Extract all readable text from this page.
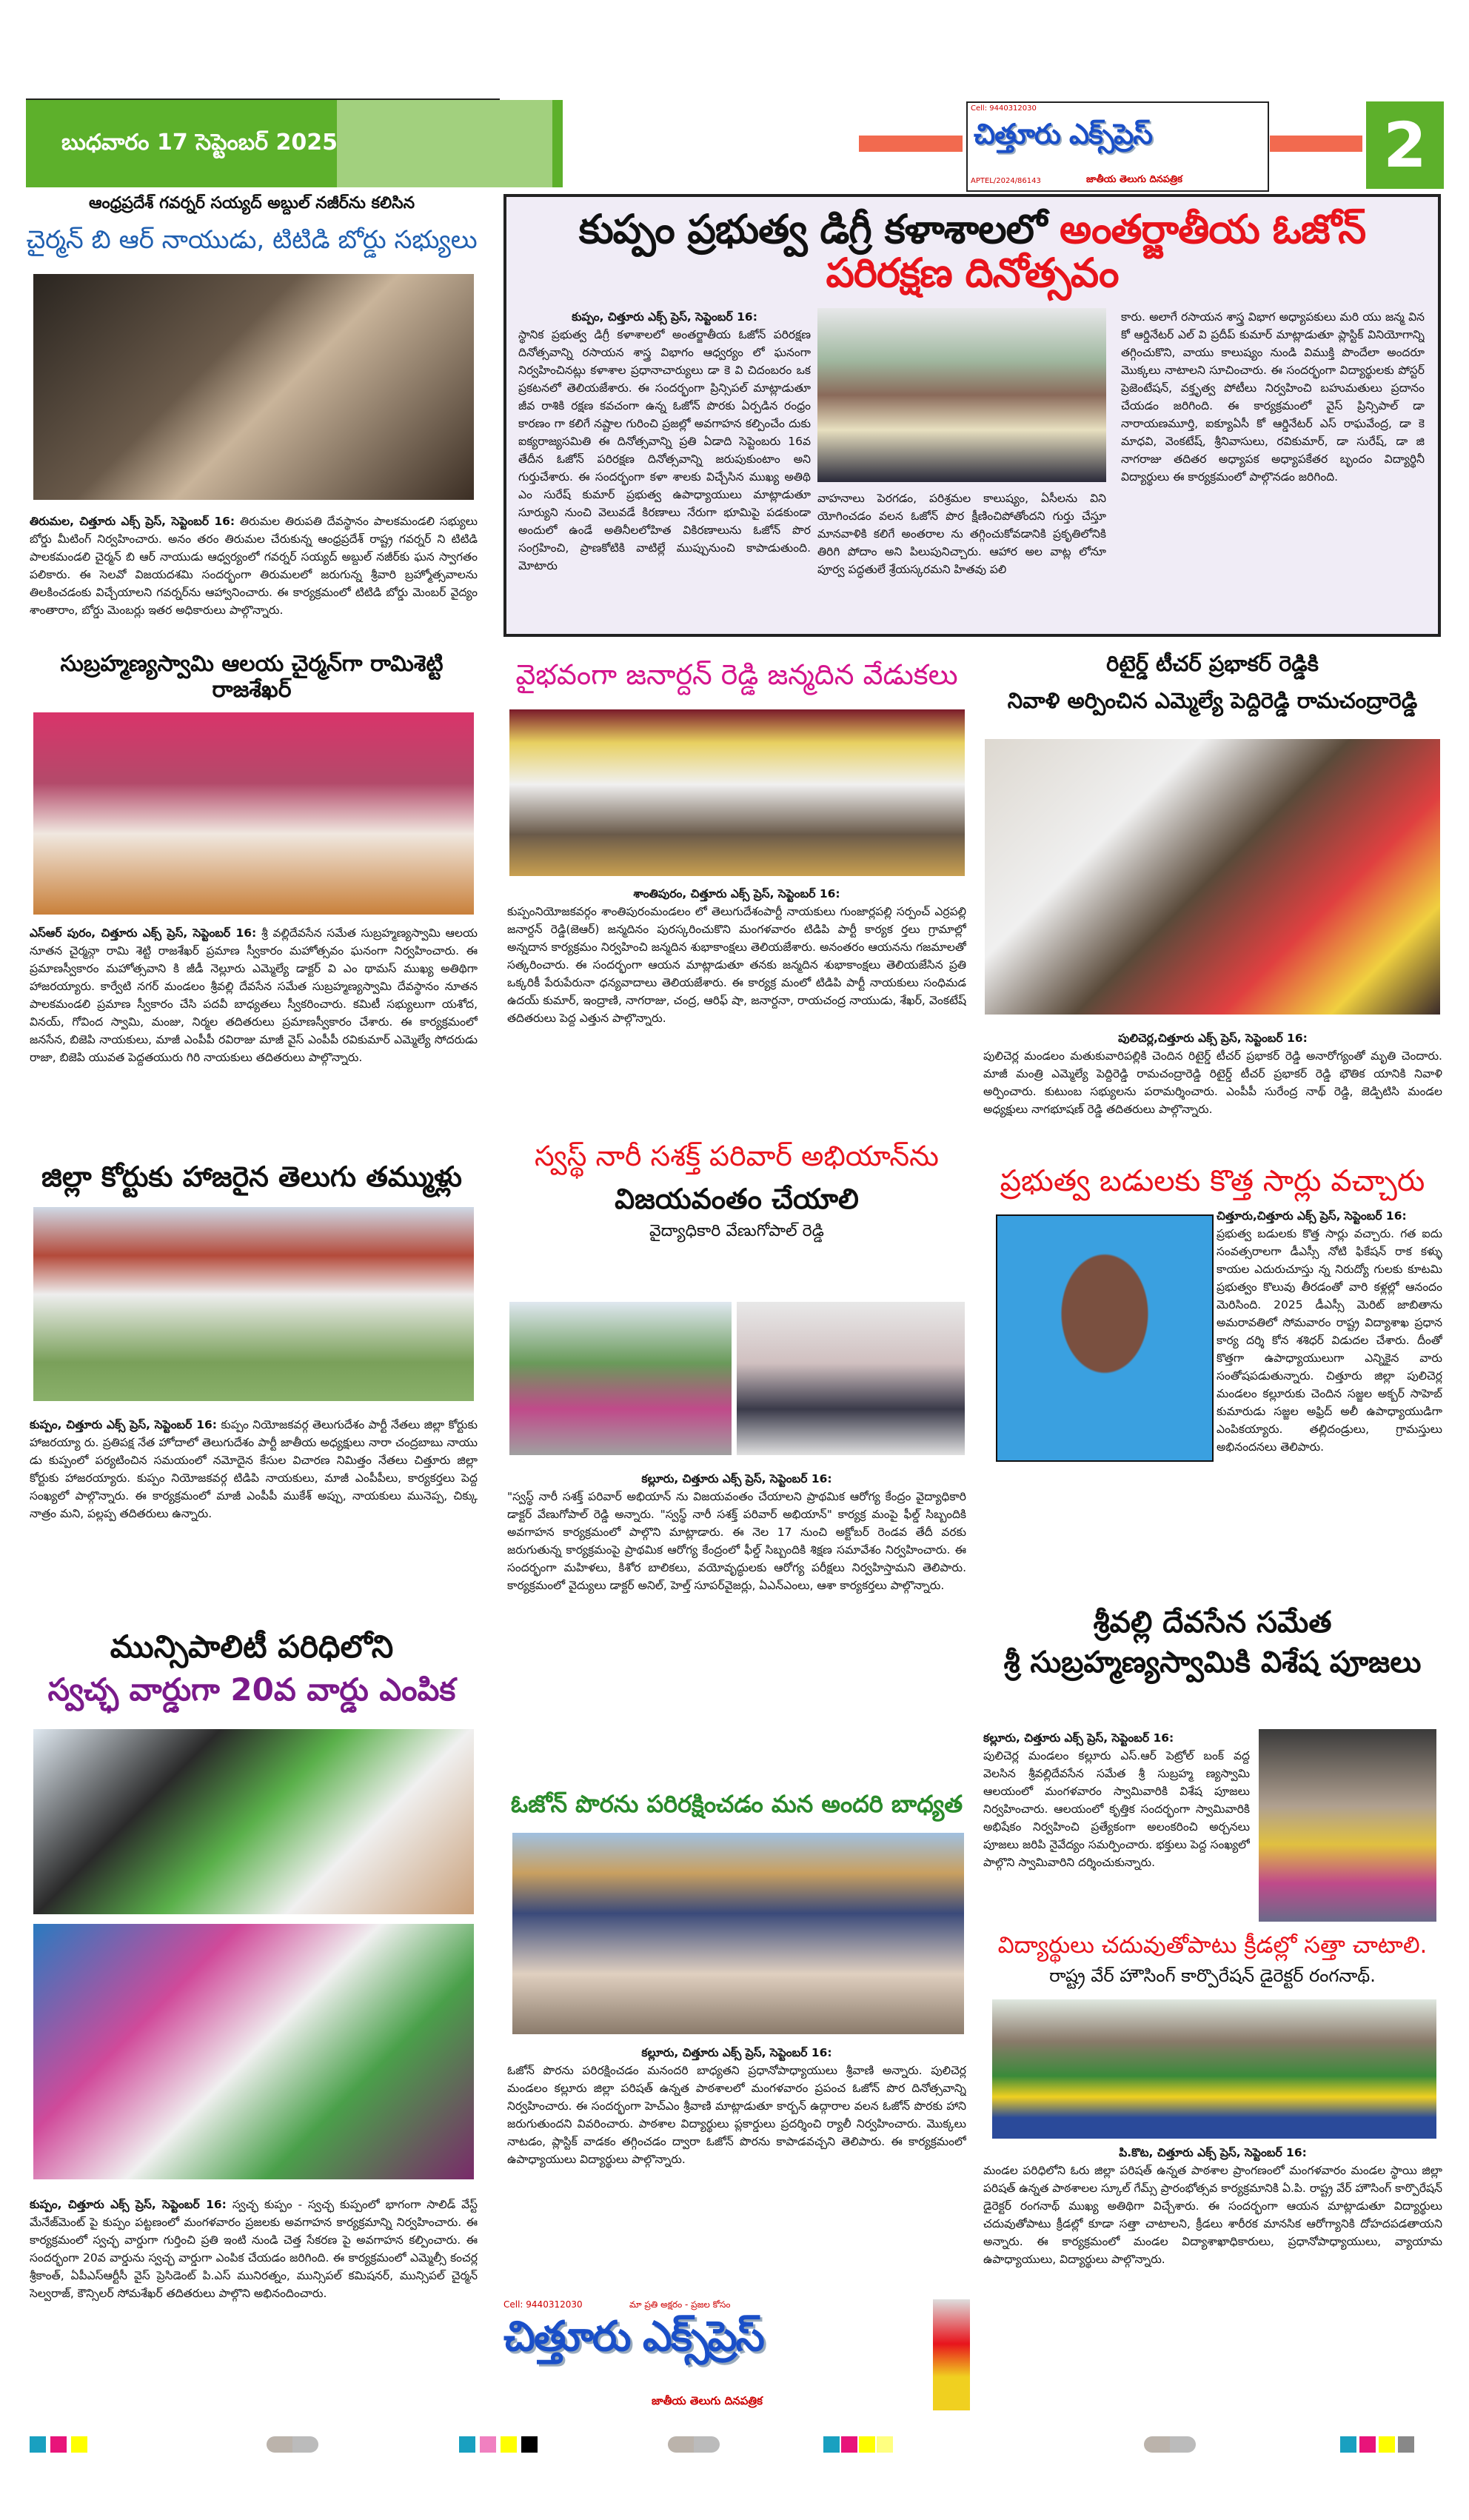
బుధవారం 17 సెప్టెంబర్ 2025
Cell: 9440312030
చిత్తూరు ఎక్స్‌ప్రెస్
APTEL/2024/86143	జాతీయ తెలుగు దినపత్రిక	2
ఆంధ్రప్రదేశ్ గవర్నర్ సయ్యద్ అబ్దుల్ నజీర్‌ను కలిసిన
చైర్మన్ బి ఆర్ నాయుడు, టిటిడి బోర్డు సభ్యులు
తిరుమల, చిత్తూరు ఎక్స్ ప్రెస్, సెప్టెంబర్ 16: తిరుమల తిరుపతి దేవస్థానం పాలకమండలి సభ్యులు బోర్డు మీటింగ్ నిర్వహించారు. అనం తరం తిరుమల చేరుకున్న ఆంధ్రప్రదేశ్ రాష్ట్ర గవర్నర్ ని టిటిడి పాలకమండలి చైర్మన్ బి ఆర్ నాయుడు ఆధ్వర్యంలో గవర్నర్ సయ్యద్ అబ్దుల్ నజీర్‌కు ఘన స్వాగతం పలికారు. ఈ సెలవో విజయదశమి సందర్భంగా తిరుమలలో జరుగున్న శ్రీవారి బ్రహ్మోత్సవాలను తిలకించడంకు విచ్చేయాలని గవర్నర్‌ను ఆహ్వానించారు. ఈ కార్యక్రమంలో టిటిడి బోర్డు మెంబర్ వైద్యం శాంతారాం, బోర్డు మెంబర్లు ఇతర అధికారులు పాల్గొన్నారు.
సుబ్రహ్మణ్యస్వామి ఆలయ చైర్మన్‌గా రామిశెట్టి రాజశేఖర్
ఎస్ఆర్ పురం, చిత్తూరు ఎక్స్ ప్రెస్, సెప్టెంబర్ 16: శ్రీ వల్లిదేవసేన సమేత సుబ్రహ్మణ్యస్వామి ఆలయ నూతన చైర్మన్గా రామి శెట్టి రాజశేఖర్ ప్రమాణ స్వీకారం మహోత్సవం ఘనంగా నిర్వహించారు. ఈ ప్రమాణస్వీకారం మహోత్సవాని కి జీడీ నెల్లూరు ఎమ్మెల్యే డాక్టర్ వి ఎం థామస్ ముఖ్య అతిథిగా హాజరయ్యారు. కార్వేటి నగర్ మండలం శ్రీవల్లి దేవసేన సమేత సుబ్రహ్మణ్యస్వామి దేవస్థానం నూతన పాలకమండలి ప్రమాణ స్వీకారం చేసి పదవీ బాధ్యతలు స్వీకరించారు. కమిటీ సభ్యులుగా యశోద, వినయ్, గోవింద స్వామి, మంజు, నిర్మల తదితరులు ప్రమాణస్వీకారం చేశారు. ఈ కార్యక్రమంలో జనసేన, బిజెపి నాయకులు, మాజీ ఎంపీపీ రవిరాజు మాజీ వైస్ ఎంపీపీ రవికుమార్ ఎమ్మెల్యే సోదరుడు రాజా, బిజెపి యువత పెద్దతయురు గిరి నాయకులు తదితరులు పాల్గొన్నారు.
జిల్లా కోర్టుకు హాజరైన తెలుగు తమ్ముళ్లు
కుప్పం, చిత్తూరు ఎక్స్ ప్రెస్, సెప్టెంబర్ 16: కుప్పం నియోజకవర్గ తెలుగుదేశం పార్టీ నేతలు జిల్లా కోర్టుకు హాజరయ్యా రు. ప్రతిపక్ష నేత హోదాలో తెలుగుదేశం పార్టీ జాతీయ అధ్యక్షులు నారా చంద్రబాబు నాయు డు కుప్పంలో పర్యటించిన సమయంలో నమోదైన కేసుల విచారణ నిమిత్తం నేతలు చిత్తూరు జిల్లా కోర్టుకు హాజరయ్యారు. కుప్పం నియోజకవర్గ టిడిపి నాయకులు, మాజీ ఎంపీపీలు, కార్యకర్తలు పెద్ద సంఖ్యలో పాల్గొన్నారు. ఈ కార్యక్రమంలో మాజీ ఎంపీపీ ముకేశ్ అప్పు, నాయకులు మునెప్ప, చిక్కు నాత్రం మని, పల్లప్ప తదితరులు ఉన్నారు.
మున్సిపాలిటీ పరిధిలోని
స్వచ్ఛ వార్డుగా 20వ వార్డు ఎంపిక
కుప్పం, చిత్తూరు ఎక్స్ ప్రెస్, సెప్టెంబర్ 16: స్వచ్ఛ కుప్పం - స్వచ్ఛ కుప్పంలో భాగంగా సాలిడ్ వేస్ట్ మేనేజ్‌మెంట్ పై కుప్పం పట్టణంలో మంగళవారం ప్రజలకు అవగాహన కార్యక్రమాన్ని నిర్వహించారు. ఈ కార్యక్రమంలో స్వచ్ఛ వార్డుగా గుర్తించి ప్రతి ఇంటి నుండి చెత్త సేకరణ పై అవగాహన కల్పించారు. ఈ సందర్భంగా 20వ వార్డును స్వచ్ఛ వార్డుగా ఎంపిక చేయడం జరిగింది. ఈ కార్యక్రమంలో ఎమ్మెల్సీ కంచర్ల శ్రీకాంత్, ఏపీఎస్ఆర్టీసీ వైస్ ప్రెసిడెంట్ పి.ఎస్ మునిరత్నం, మున్సిపల్ కమిషనర్, మున్సిపల్ చైర్మన్ సెల్వరాజ్, కౌన్సిలర్ సోమశేఖర్ తదితరులు పాల్గొని అభినందించారు.
కుప్పం ప్రభుత్వ డిగ్రీ కళాశాలలో అంతర్జాతీయ ఓజోన్ పరిరక్షణ దినోత్సవం
కుప్పం, చిత్తూరు ఎక్స్ ప్రెస్, సెప్టెంబర్ 16:
స్థానిక ప్రభుత్వ డిగ్రీ కళాశాలలో అంతర్జాతీయ ఓజోన్ పరిరక్షణ దినోత్సవాన్ని రసాయన శాస్త్ర విభాగం ఆధ్వర్యం లో ఘనంగా నిర్వహించినట్లు కళాశాల ప్రధానాచార్యులు డా కె వి చిదంబరం ఒక ప్రకటనలో తెలియజేశారు. ఈ సందర్భంగా ప్రిన్సిపల్ మాట్లాడుతూ జీవ రాశికి రక్షణ కవచంగా ఉన్న ఓజోన్ పొరకు ఏర్పడిన రంధ్రం కారణం గా కలిగే నష్టాల గురించి ప్రజల్లో అవగాహన కల్పించేం దుకు ఐక్యరాజ్యసమితి ఈ దినోత్సవాన్ని ప్రతి ఏడాది సెప్టెంబరు 16వ తేదీన ఓజోన్ పరిరక్షణ దినోత్సవాన్ని జరుపుకుంటాం అని గుర్తుచేశారు. ఈ సందర్భంగా కళా శాలకు విచ్చేసిన ముఖ్య అతిథి ఎం సురేష్ కుమార్ ప్రభుత్వ ఉపాధ్యాయులు మాట్లాడుతూ సూర్యుని నుంచి వెలువడే కిరణాలు నేరుగా భూమిపై పడకుండా అందులో ఉండే అతినీలలోహిత వికిరణాలును ఓజోన్ పొర సంగ్రహించి, ప్రాణకోటికి వాటిల్లే ముప్పునుంచి కాపాడుతుంది. మోటారు
వాహనాలు పెరగడం, పరిశ్రమల కాలుష్యం, ఏసీలను విని యోగించడం వలన ఓజోన్ పొర క్షీణించిపోతోందని గుర్తు చేస్తూ మానవాళికి కలిగే అంతరాల ను తగ్గించుకోవడానికి ప్రకృతిలోనికి తిరిగి పోదాం అని పిలుపునిచ్చారు. ఆహార అల వాట్ల లోనూ పూర్వ పద్ధతులే శ్రేయస్కరమని హితవు పలి
కారు. అలాగే రసాయన శాస్త్ర విభాగ అధ్యాపకులు మరి యు జన్మ విన కో ఆర్డినేటర్ ఎల్ వి ప్రదీప్ కుమార్ మాట్లాడుతూ ప్లాస్టిక్ వినియోగాన్ని తగ్గించుకొని, వాయు కాలుష్యం నుండి విముక్తి పొందేలా అందరూ మొక్కలు నాటాలని సూచించారు. ఈ సందర్భంగా విద్యార్థులకు పోస్టర్ ప్రెజెంటేషన్, వక్తృత్వ పోటీలు నిర్వహించి బహుమతులు ప్రదానం చేయడం జరిగింది. ఈ కార్యక్రమంలో వైస్ ప్రిన్సిపాల్ డా నారాయణమూర్తి, ఐక్యూఏసీ కో ఆర్డినేటర్ ఎస్ రాఘవేంద్ర, డా కె మాధవి, వెంకటేష్, శ్రీనివాసులు, రవికుమార్, డా సురేష్, డా జి నాగరాజు తదితర అధ్యాపక అధ్యాపకేతర బృందం విద్యార్థినీ విద్యార్థులు ఈ కార్యక్రమంలో పాల్గొనడం జరిగింది.
వైభవంగా జనార్దన్ రెడ్డి జన్మదిన వేడుకలు
శాంతిపురం, చిత్తూరు ఎక్స్ ప్రెస్, సెప్టెంబర్ 16:
కుప్పంనియోజకవర్గం శాంతిపురంమండలం లో తెలుగుదేశంపార్టీ నాయకులు గుంజార్లపల్లి సర్పంచ్ ఎర్రపల్లి జనార్దన్ రెడ్డి(జెఆర్) జన్మదినం పురస్కరించుకొని మంగళవారం టిడిపి పార్టీ కార్యక ర్తలు గ్రామాల్లో అన్నదాన కార్యక్రమం నిర్వహించి జన్మదిన శుభాకాంక్షలు తెలియజేశారు. అనంతరం ఆయనను గజమాలతో సత్కరించారు. ఈ సందర్భంగా ఆయన మాట్లాడుతూ తనకు జన్మదిన శుభాకాంక్షలు తెలియజేసిన ప్రతి ఒక్కరికీ పేరుపేరునా ధన్యవాదాలు తెలియజేశారు. ఈ కార్యక్ర మంలో టిడిపి పార్టీ నాయకులు సంధిమడ ఉదయ్ కుమార్, ఇంద్రాణి, నాగరాజు, చంద్ర, ఆరిఫ్ షా, జనార్దనా, రాయచంద్ర నాయుడు, శేఖర్, వెంకటేష్ తదితరులు పెద్ద ఎత్తున పాల్గొన్నారు.
స్వస్థ్ నారీ సశక్త్ పరివార్ అభియాన్‌ను
విజయవంతం చేయాలి
వైద్యాధికారి వేణుగోపాల్ రెడ్డి
కల్లూరు, చిత్తూరు ఎక్స్ ప్రెస్, సెప్టెంబర్ 16:
"స్వస్థ్ నారీ సశక్త్ పరివార్ అభియాన్ ను విజయవంతం చేయాలని ప్రాథమిక ఆరోగ్య కేంద్రం వైద్యాధికారి డాక్టర్ వేణుగోపాల్ రెడ్డి అన్నారు. "స్వస్థ్ నారీ సశక్త్ పరివార్ అభియాన్" కార్యక్ర మంపై ఫీల్డ్ సిబ్బందికి అవగాహన కార్యక్రమంలో పాల్గొని మాట్లాడారు. ఈ నెల 17 నుంచి అక్టోబర్ రెండవ తేదీ వరకు జరుగుతున్న కార్యక్రమంపై ప్రాథమిక ఆరోగ్య కేంద్రంలో ఫీల్డ్ సిబ్బందికి శిక్షణ సమావేశం నిర్వహించారు. ఈ సందర్భంగా మహిళలు, కిశోర బాలికలు, వయోవృద్ధులకు ఆరోగ్య పరీక్షలు నిర్వహిస్తామని తెలిపారు. కార్యక్రమంలో వైద్యులు డాక్టర్ అనిల్, హెల్త్ సూపర్‌వైజర్లు, ఏఎన్ఎంలు, ఆశా కార్యకర్తలు పాల్గొన్నారు.
ఓజోన్ పొరను పరిరక్షించడం మన అందరి బాధ్యత
కల్లూరు, చిత్తూరు ఎక్స్ ప్రెస్, సెప్టెంబర్ 16:
ఓజోన్ పొరను పరిరక్షించడం మనందరి బాధ్యతని ప్రధానోపాధ్యాయులు శ్రీవాణి అన్నారు. పులిచెర్ల మండలం కల్లూరు జిల్లా పరిషత్ ఉన్నత పాఠశాలలో మంగళవారం ప్రపంచ ఓజోన్ పొర దినోత్సవాన్ని నిర్వహించారు. ఈ సందర్భంగా హెచ్ఎం శ్రీవాణి మాట్లాడుతూ కార్బన్ ఉద్గారాల వలన ఓజోన్ పొరకు హాని జరుగుతుందని వివరించారు. పాఠశాల విద్యార్థులు ప్లకార్డులు ప్రదర్శించి ర్యాలీ నిర్వహించారు. మొక్కలు నాటడం, ప్లాస్టిక్ వాడకం తగ్గించడం ద్వారా ఓజోన్ పొరను కాపాడవచ్చని తెలిపారు. ఈ కార్యక్రమంలో ఉపాధ్యాయులు విద్యార్థులు పాల్గొన్నారు.
Cell: 9440312030	మా ప్రతి అక్షరం - ప్రజల కోసం
చిత్తూరు ఎక్స్‌ప్రెస్
జాతీయ తెలుగు దినపత్రిక
రిటైర్డ్ టీచర్ ప్రభాకర్ రెడ్డికి
నివాళి అర్పించిన ఎమ్మెల్యే పెద్దిరెడ్డి రామచంద్రారెడ్డి
పులిచెర్ల,చిత్తూరు ఎక్స్ ప్రెస్, సెప్టెంబర్ 16:
పులిచెర్ల మండలం మతుకువారిపల్లికి చెందిన రిటైర్డ్ టీచర్ ప్రభాకర్ రెడ్డి అనారోగ్యంతో మృతి చెందారు. మాజీ మంత్రి ఎమ్మెల్యే పెద్దిరెడ్డి రామచంద్రారెడ్డి రిటైర్డ్ టీచర్ ప్రభాకర్ రెడ్డి భౌతిక యానికి నివాళి అర్పించారు. కుటుంబ సభ్యులను పరామర్శించారు. ఎంపీపీ సురేంద్ర నాథ్ రెడ్డి, జెడ్పిటిసి మండల అధ్యక్షులు నాగభూషణ్ రెడ్డి తదితరులు పాల్గొన్నారు.
ప్రభుత్వ బడులకు కొత్త సార్లు వచ్చారు
చిత్తూరు,చిత్తూరు ఎక్స్ ప్రెస్, సెప్టెంబర్ 16:
ప్రభుత్వ బడులకు కొత్త సార్లు వచ్చారు. గత ఐదు సంవత్సరాలగా డీఎస్సీ నోటి ఫికేషన్ రాక కళ్ళు కాయల ఎదురుచూస్తు న్న నిరుద్యో గులకు కూటమి ప్రభుత్వం కొలువు తీరడంతో వారి కళ్లల్లో ఆనందం మెరిసింది. 2025 డీఎస్సీ మెరిట్ జాబితాను అమరావతిలో సోమవారం రాష్ట్ర విద్యాశాఖ ప్రధాన కార్య దర్శి కోన శశిధర్ విడుదల చేశారు. దీంతో కొత్తగా ఉపాధ్యాయులుగా ఎన్నికైన వారు సంతోషపడుతున్నారు. చిత్తూరు జిల్లా పులిచెర్ల మండలం కల్లూరుకు చెందిన సజ్జల అక్బర్ సాహెబ్ కుమారుడు సజ్జల అఫ్రిద్ అలీ ఉపాధ్యాయుడిగా ఎంపికయ్యారు. తల్లిదండ్రులు, గ్రామస్తులు అభినందనలు తెలిపారు.
శ్రీవల్లి దేవసేన సమేత
శ్రీ సుబ్రహ్మణ్యస్వామికి విశేష పూజలు
కల్లూరు, చిత్తూరు ఎక్స్ ప్రెస్, సెప్టెంబర్ 16:
పులిచెర్ల మండలం కల్లూరు ఎస్.ఆర్ పెట్రోల్ బంక్ వద్ద వెలసిన శ్రీవల్లిదేవసేన సమేత శ్రీ సుబ్రహ్మ ణ్యస్వామి ఆలయంలో మంగళవారం స్వామివారికి విశేష పూజలు నిర్వహించారు. ఆలయంలో కృత్తిక సందర్భంగా స్వామివారికి అభిషేకం నిర్వహించి ప్రత్యేకంగా అలంకరించి అర్చనలు పూజలు జరిపి నైవేద్యం సమర్పించారు. భక్తులు పెద్ద సంఖ్యలో పాల్గొని స్వామివారిని దర్శించుకున్నారు.
విద్యార్థులు చదువుతోపాటు క్రీడల్లో సత్తా చాటాలి.
రాష్ట్ర వేర్ హౌసింగ్ కార్పొరేషన్ డైరెక్టర్ రంగనాథ్.
పి.కొట, చిత్తూరు ఎక్స్ ప్రెస్, సెప్టెంబర్ 16:
మండల పరిధిలోని ఓరు జిల్లా పరిషత్ ఉన్నత పాఠశాల ప్రాంగణంలో మంగళవారం మండల స్థాయి జిల్లా పరిషత్ ఉన్నత పాఠశాలల స్కూల్ గేమ్స్ ప్రారంభోత్సవ కార్యక్రమానికి ఏ.పి. రాష్ట్ర వేర్ హౌసింగ్ కార్పొరేషన్ డైరెక్టర్ రంగనాథ్ ముఖ్య అతిథిగా విచ్చేశారు. ఈ సందర్భంగా ఆయన మాట్లాడుతూ విద్యార్థులు చదువుతోపాటు క్రీడల్లో కూడా సత్తా చాటాలని, క్రీడలు శారీరక మానసిక ఆరోగ్యానికి దోహదపడతాయని అన్నారు. ఈ కార్యక్రమంలో మండల విద్యాశాఖాధికారులు, ప్రధానోపాధ్యాయులు, వ్యాయామ ఉపాధ్యాయులు, విద్యార్థులు పాల్గొన్నారు.
